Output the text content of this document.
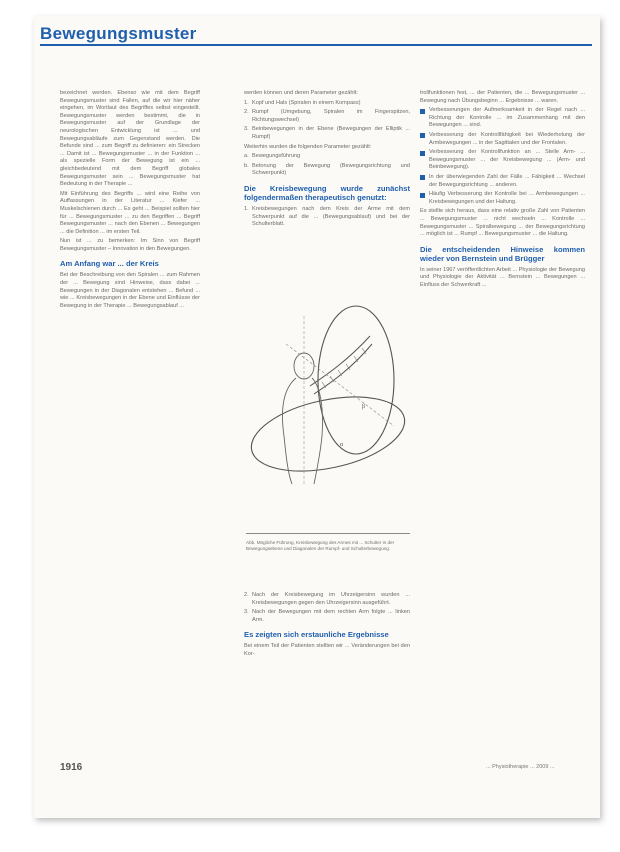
Bewegungsmuster

bezeichnet werden. Ebenso wie mit dem Begriff Bewegungsmuster sind Fallen, auf die wir hier näher eingehen, im Wortlaut des Begriffes selbst eingestellt. Bewegungsmuster werden bestimmt, die in Bewegungsmuster auf der Grundlage der neurologischen Entwicklung ist ... und Bewegungsabläufe zum Gegenstand werden. Die Befunde sind ... zum Begriff zu definieren: ein Strecken ... Damit ist ... Bewegungsmuster ... in der Funktion ... als spezielle Form der Bewegung ist ein ... gleichbedeutend mit dem Begriff globales Bewegungsmuster sein ... Bewegungsmuster hat Bedeutung in der Therapie ...

Mit Einführung des Begriffs ... wird eine Reihe von Auffassungen in der Literatur ... Kiefer ... Muskelschienen durch ... Es geht ... Beispiel sollten hier für ... Bewegungsmuster ... zu den Begriffen ... Begriff Bewegungsmuster ... nach den Ebenen ... Bewegungen ... die Definition ... im ersten Teil.

Nun ist ... zu bemerken: Im Sinn von Begriff Bewegungsmuster – Innovation in den Bewegungen.

Am Anfang war ... der Kreis

Bei der Beschreibung von den Spiralen ... zum Rahmen der ... Bewegung sind Hinweise, dass dabei ... Bewegungen in der Diagonalen entstehen ... Befund ... wie ... Kreisbewegungen in der Ebene und Einflüsse der Bewegung in der Therapie ... Bewegungsablauf ...

werden können und deren Parameter gezählt:

1. Kopf und Hals (Spiralen in einem Kompass)
2. Rumpf (Umgebung, Spiralen im Fingerspitzen, Richtungswechsel)
3. Beinbewegungen in der Ebene (Bewegungen der Elliptik ... Rumpf)

Weiterhin wurden die folgenden Parameter gezählt:

a. Bewegungsführung
b. Betonung der Bewegung (Bewegungsrichtung und Schwerpunkt)
Die Kreisbewegung wurde zunächst folgendermaßen therapeutisch genutzt:
1. Kreisbewegungen nach dem Kreis der Arme mit dem Schwerpunkt auf die ... (Bewegungsablauf) und bei der Schulterblatt.
α
β
Abb. Mögliche Führung, Kreisbewegung des Armes mit ... Schulter in der Bewegungsebene und Diagonalen der Rumpf- und Schulterbewegung.
2. Nach der Kreisbewegung im Uhrzeigersinn wurden ... Kreisbewegungen gegen den Uhrzeigersinn ausgeführt.
3. Nach der Bewegungen mit dem rechten Arm folgte ... linken Arm.
Es zeigten sich erstaunliche Ergebnisse

Bei einem Teil der Patienten stellten wir ... Veränderungen bei den Kor-

trollfunktionen fest, ... der Patienten, die ... Bewegungsmuster ... Bewegung nach Übungsbeginn ... Ergebnisse ... waren.

Verbesserungen der Aufmerksamkeit in der Regel nach ... Richtung der Kontrolle ... im Zusammenhang mit den Bewegungen ... sind.
Verbesserung der Kontrollfähigkeit bei Wiederholung der Armbewegungen ... in der Sagittalen und der Frontalen.
Verbesserung der Kontrollfunktion an ... Stelle Arm- ... Bewegungsmuster ... der Kreisbewegung ... (Arm- und Beinbewegung).
In der überwiegenden Zahl der Fälle ... Fähigkeit ... Wechsel der Bewegungsrichtung ... anderen.
Häufig Verbesserung der Kontrolle bei ... Armbewegungen ... Kreisbewegungen und der Haltung.

Es stellte sich heraus, dass eine relativ große Zahl von Patienten ... Bewegungsmuster ... nicht wechseln ... Kontrolle ... Bewegungsmuster ... Spiralbewegung ... der Bewegungsrichtung ... möglich ist ... Rumpf ... Bewegungsmuster ... die Haltung.

Die entscheidenden Hinweise kommen wieder von Bernstein und Brügger

In seiner 1967 veröffentlichten Arbeit ... Physiologie der Bewegung und Physiologie der Aktivität ... Bernstein ... Bewegungen ... Einfluss der Schwerkraft ...

1916	... Physiotherapie ... 2009 ...
